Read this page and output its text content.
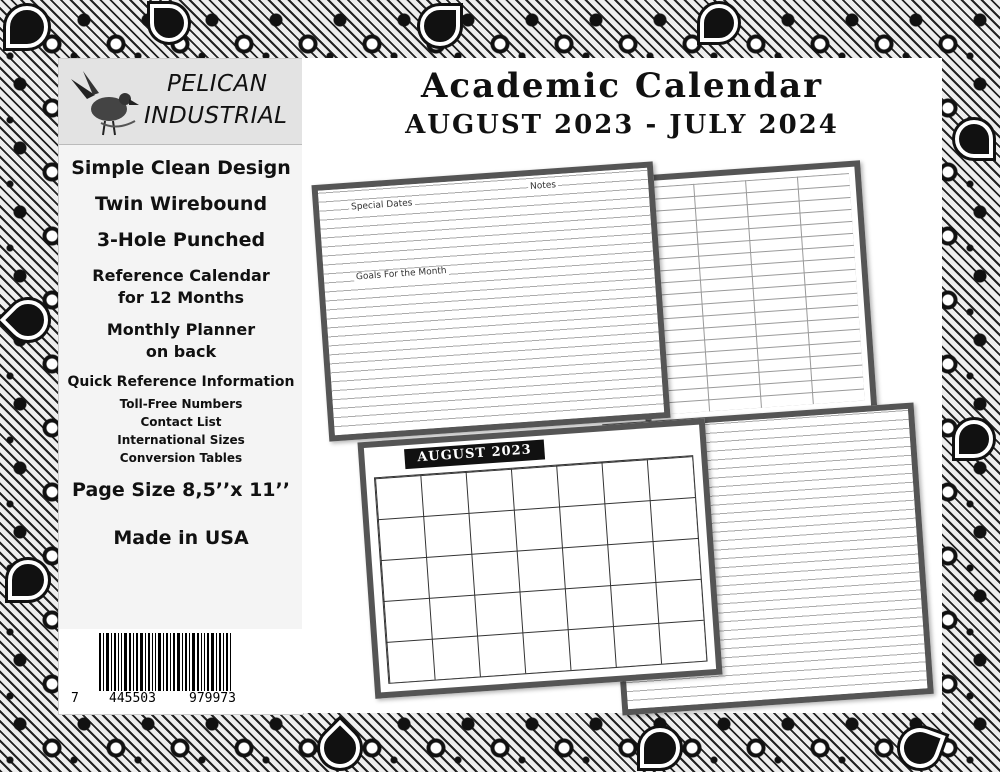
PELICAN
INDUSTRIAL
Simple Clean Design
Twin Wirebound
3-Hole Punched
Reference Calendar for 12 Months
Monthly Planner on back
Quick Reference Information
Toll-Free Numbers
Contact List
International Sizes
Conversion Tables
Page Size 8,5’’x 11’’
Made in USA
7 445503	979973
Academic Calendar
AUGUST 2023 - JULY 2024
Special Dates
Notes
Goals For the Month
AUGUST 2023
